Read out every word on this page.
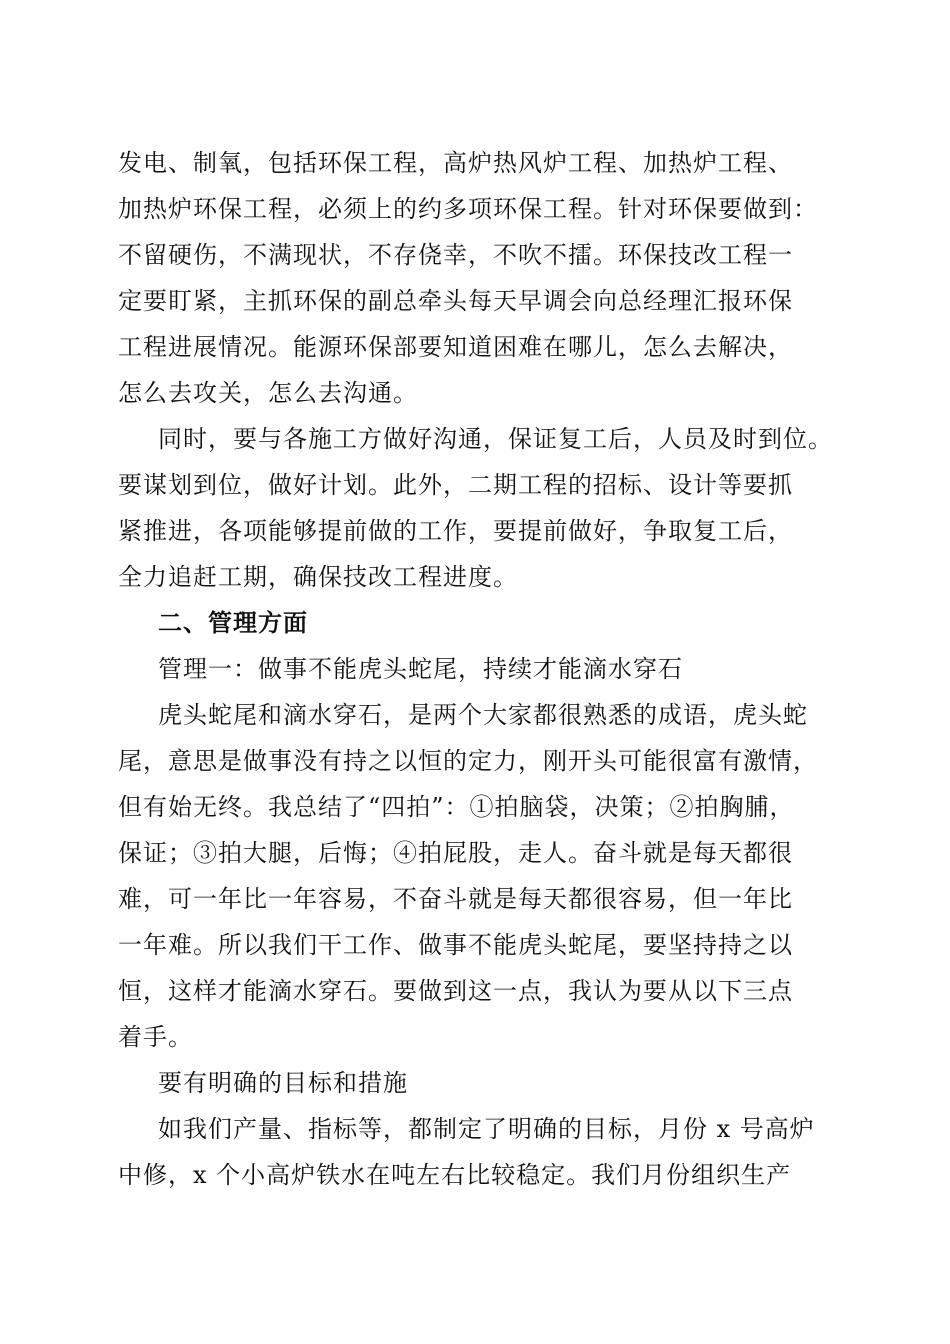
发电、制氧，包括环保工程，高炉热风炉工程、加热炉工程、
加热炉环保工程，必须上的约多项环保工程。针对环保要做到：
不留硬伤，不满现状，不存侥幸，不吹不擂。环保技改工程一
定要盯紧，主抓环保的副总牵头每天早调会向总经理汇报环保
工程进展情况。能源环保部要知道困难在哪儿，怎么去解决，
怎么去攻关，怎么去沟通。
同时，要与各施工方做好沟通，保证复工后，人员及时到位。
要谋划到位，做好计划。此外，二期工程的招标、设计等要抓
紧推进，各项能够提前做的工作，要提前做好，争取复工后，
全力追赶工期，确保技改工程进度。
二、管理方面
管理一：做事不能虎头蛇尾，持续才能滴水穿石
虎头蛇尾和滴水穿石，是两个大家都很熟悉的成语，虎头蛇
尾，意思是做事没有持之以恒的定力，刚开头可能很富有激情，
但有始无终。我总结了“四拍”：①拍脑袋，决策；②拍胸脯，
保证；③拍大腿，后悔；④拍屁股，走人。奋斗就是每天都很
难，可一年比一年容易，不奋斗就是每天都很容易，但一年比
一年难。所以我们干工作、做事不能虎头蛇尾，要坚持持之以
恒，这样才能滴水穿石。要做到这一点，我认为要从以下三点
着手。
要有明确的目标和措施
如我们产量、指标等，都制定了明确的目标，月份 x 号高炉
中修，x 个小高炉铁水在吨左右比较稳定。我们月份组织生产
